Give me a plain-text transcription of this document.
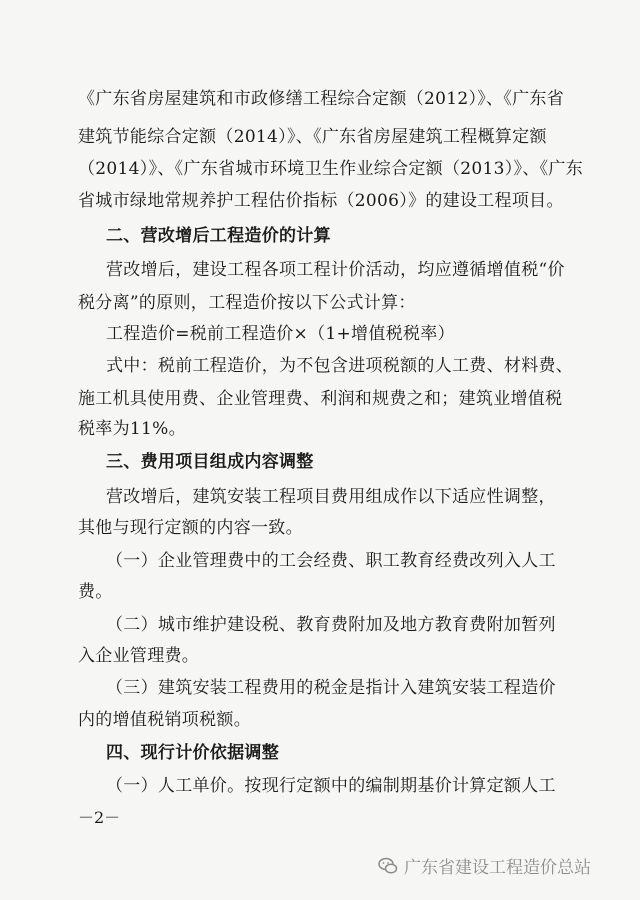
《广东省房屋建筑和市政修缮工程综合定额（2012）》、《广东省
建筑节能综合定额（2014）》、《广东省房屋建筑工程概算定额
（2014）》、《广东省城市环境卫生作业综合定额（2013）》、《广东
省城市绿地常规养护工程估价指标（2006）》的建设工程项目。
二、营改增后工程造价的计算
营改增后，建设工程各项工程计价活动，均应遵循增值税“价
税分离”的原则，工程造价按以下公式计算：
工程造价=税前工程造价×（1+增值税税率）
式中：税前工程造价，为不包含进项税额的人工费、材料费、
施工机具使用费、企业管理费、利润和规费之和；建筑业增值税
税率为11%。
三、费用项目组成内容调整
营改增后，建筑安装工程项目费用组成作以下适应性调整，
其他与现行定额的内容一致。
（一）企业管理费中的工会经费、职工教育经费改列入人工
费。
（二）城市维护建设税、教育费附加及地方教育费附加暂列
入企业管理费。
（三）建筑安装工程费用的税金是指计入建筑安装工程造价
内的增值税销项税额。
四、现行计价依据调整
（一）人工单价。按现行定额中的编制期基价计算定额人工
－2－
广东省建设工程造价总站
